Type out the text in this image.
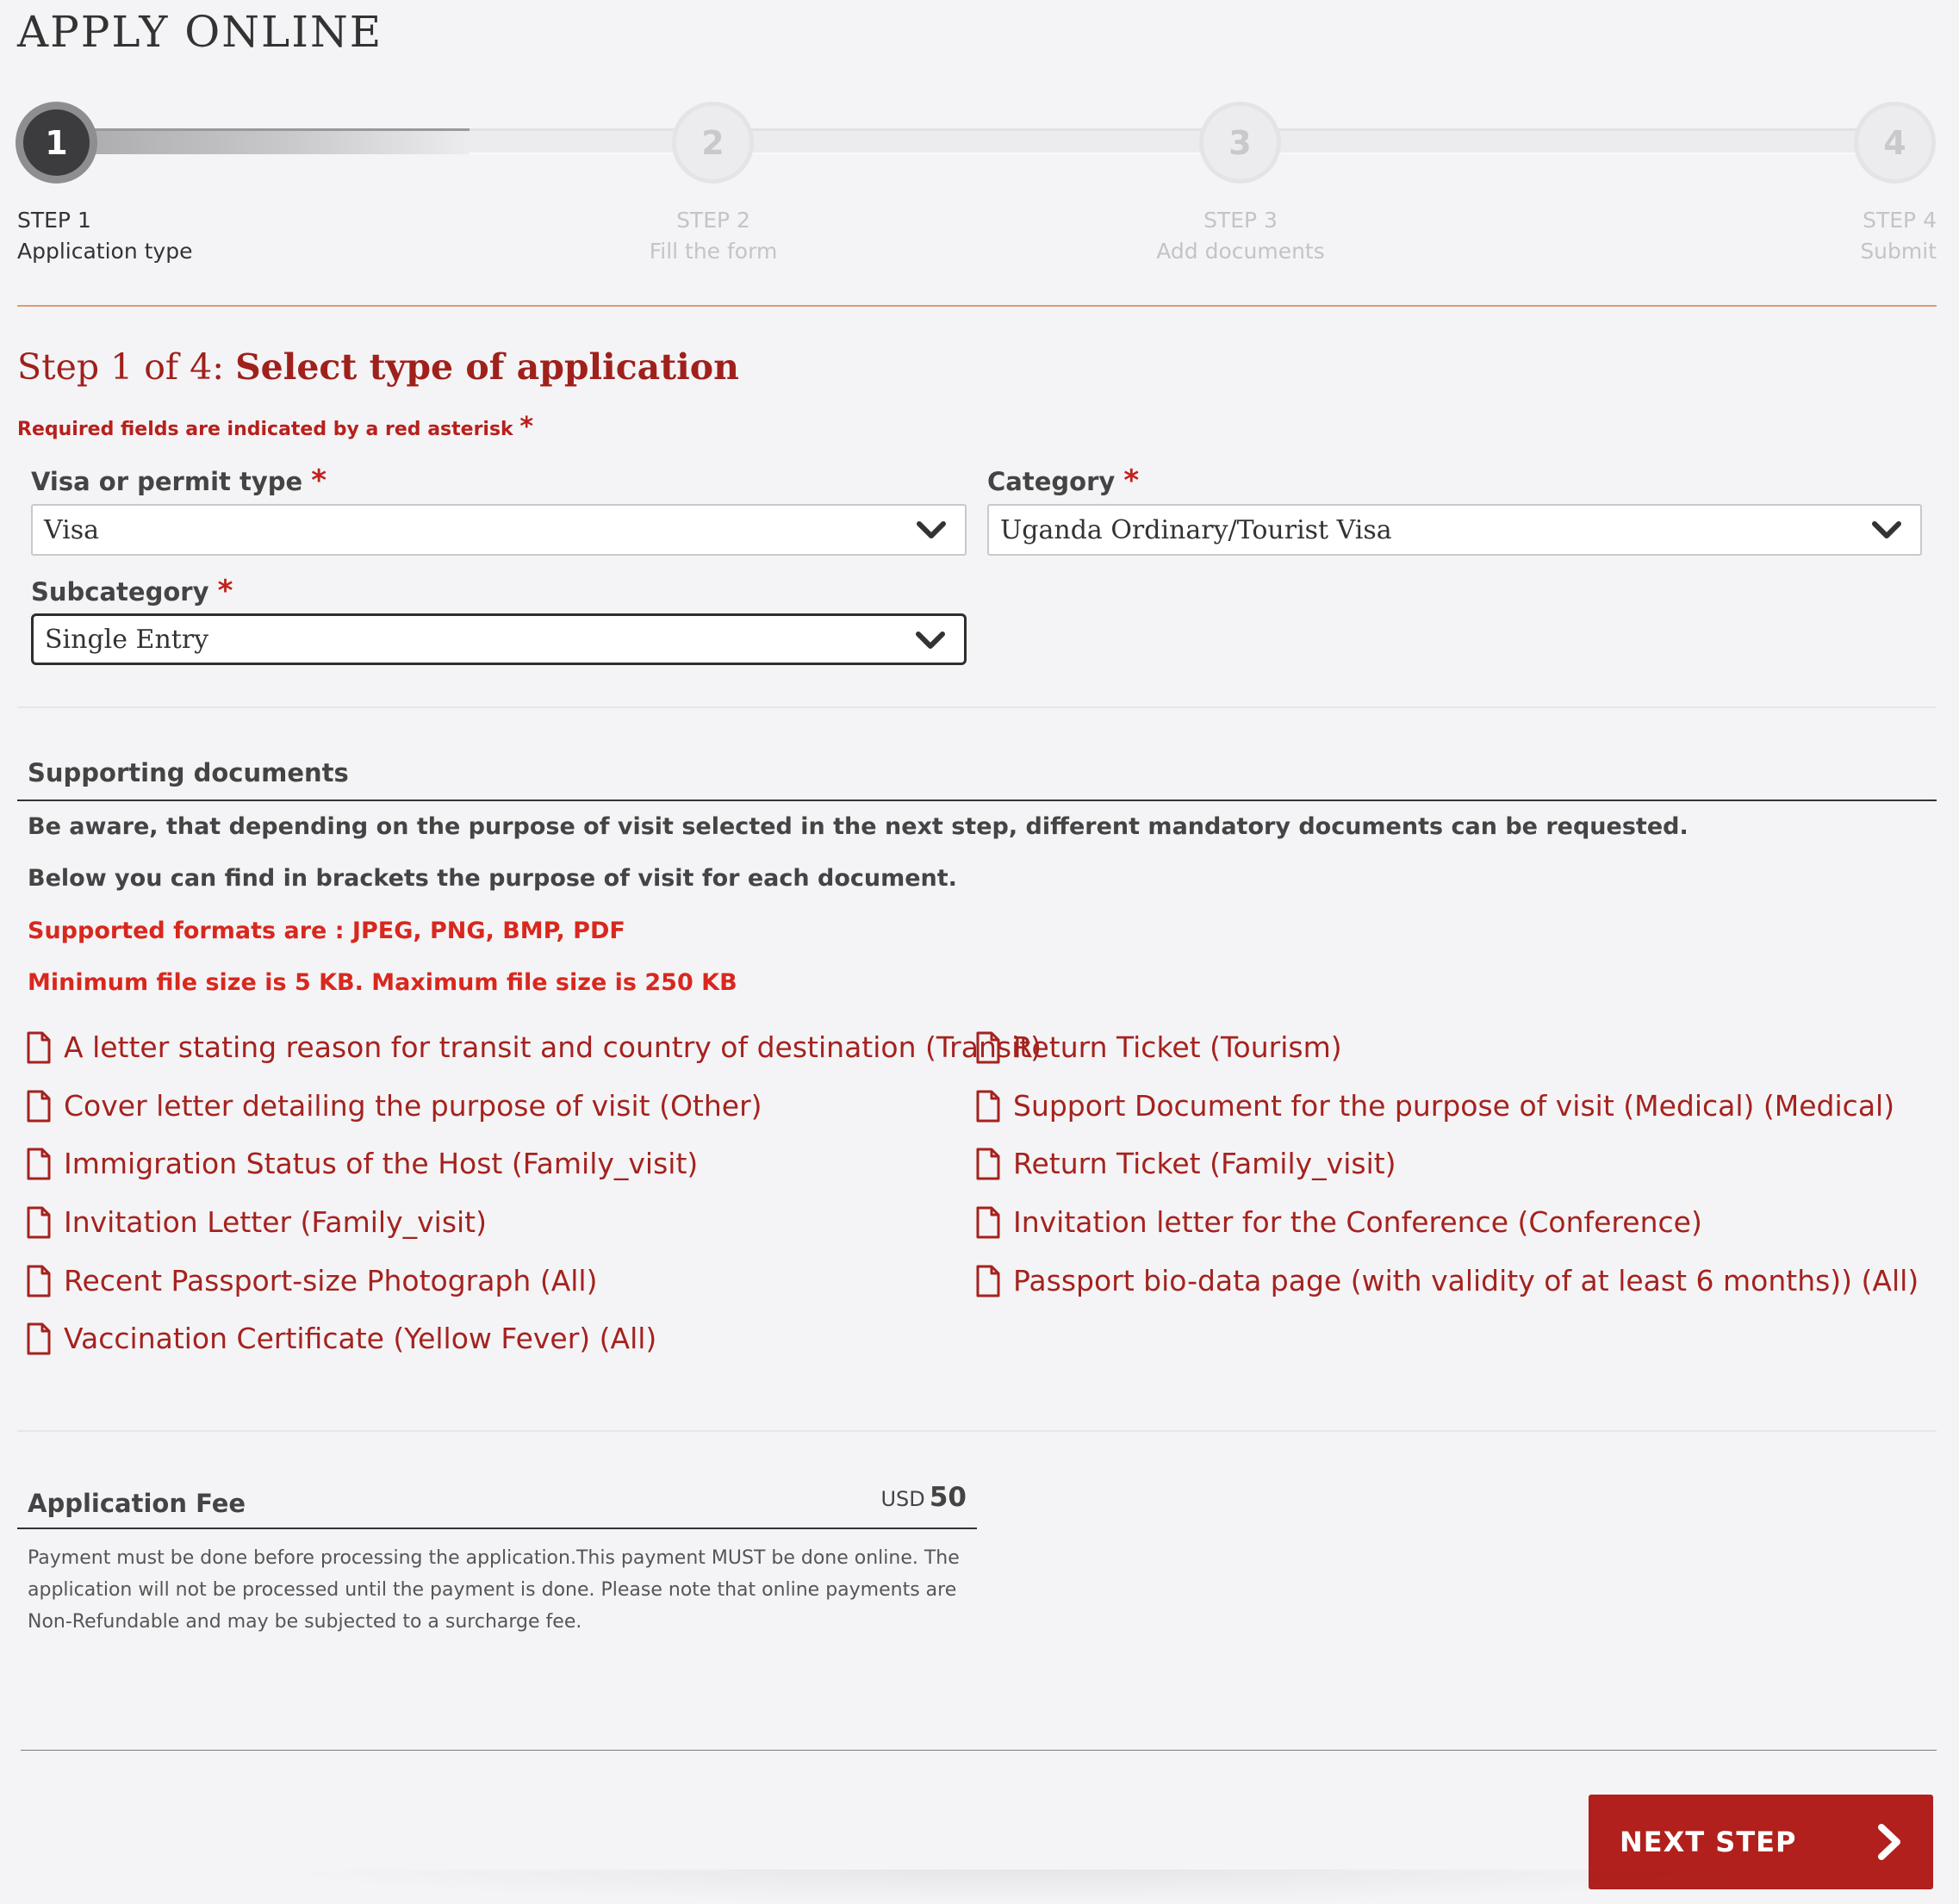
APPLY ONLINE
1	2	3	4
STEP 1
Application type
STEP 2
Fill the form
STEP 3
Add documents
STEP 4
Submit
Step 1 of 4: Select type of application
Required fields are indicated by a red asterisk *
Visa or permit type *
Visa
Category *
Uganda Ordinary/Tourist Visa
Subcategory *
Single Entry
Supporting documents
Be aware, that depending on the purpose of visit selected in the next step, different mandatory documents can be requested.
Below you can find in brackets the purpose of visit for each document.
Supported formats are : JPEG, PNG, BMP, PDF
Minimum file size is 5 KB. Maximum file size is 250 KB
A letter stating reason for transit and country of destination (Transit)
Cover letter detailing the purpose of visit (Other)
Immigration Status of the Host (Family_visit)
Invitation Letter (Family_visit)
Recent Passport-size Photograph (All)
Vaccination Certificate (Yellow Fever) (All)
Return Ticket (Tourism)
Support Document for the purpose of visit (Medical) (Medical)
Return Ticket (Family_visit)
Invitation letter for the Conference (Conference)
Passport bio-data page (with validity of at least 6 months)) (All)
Application Fee	USD 50
Payment must be done before processing the application.This payment MUST be done online. The application will not be processed until the payment is done. Please note that online payments are Non-Refundable and may be subjected to a surcharge fee.
NEXT STEP
